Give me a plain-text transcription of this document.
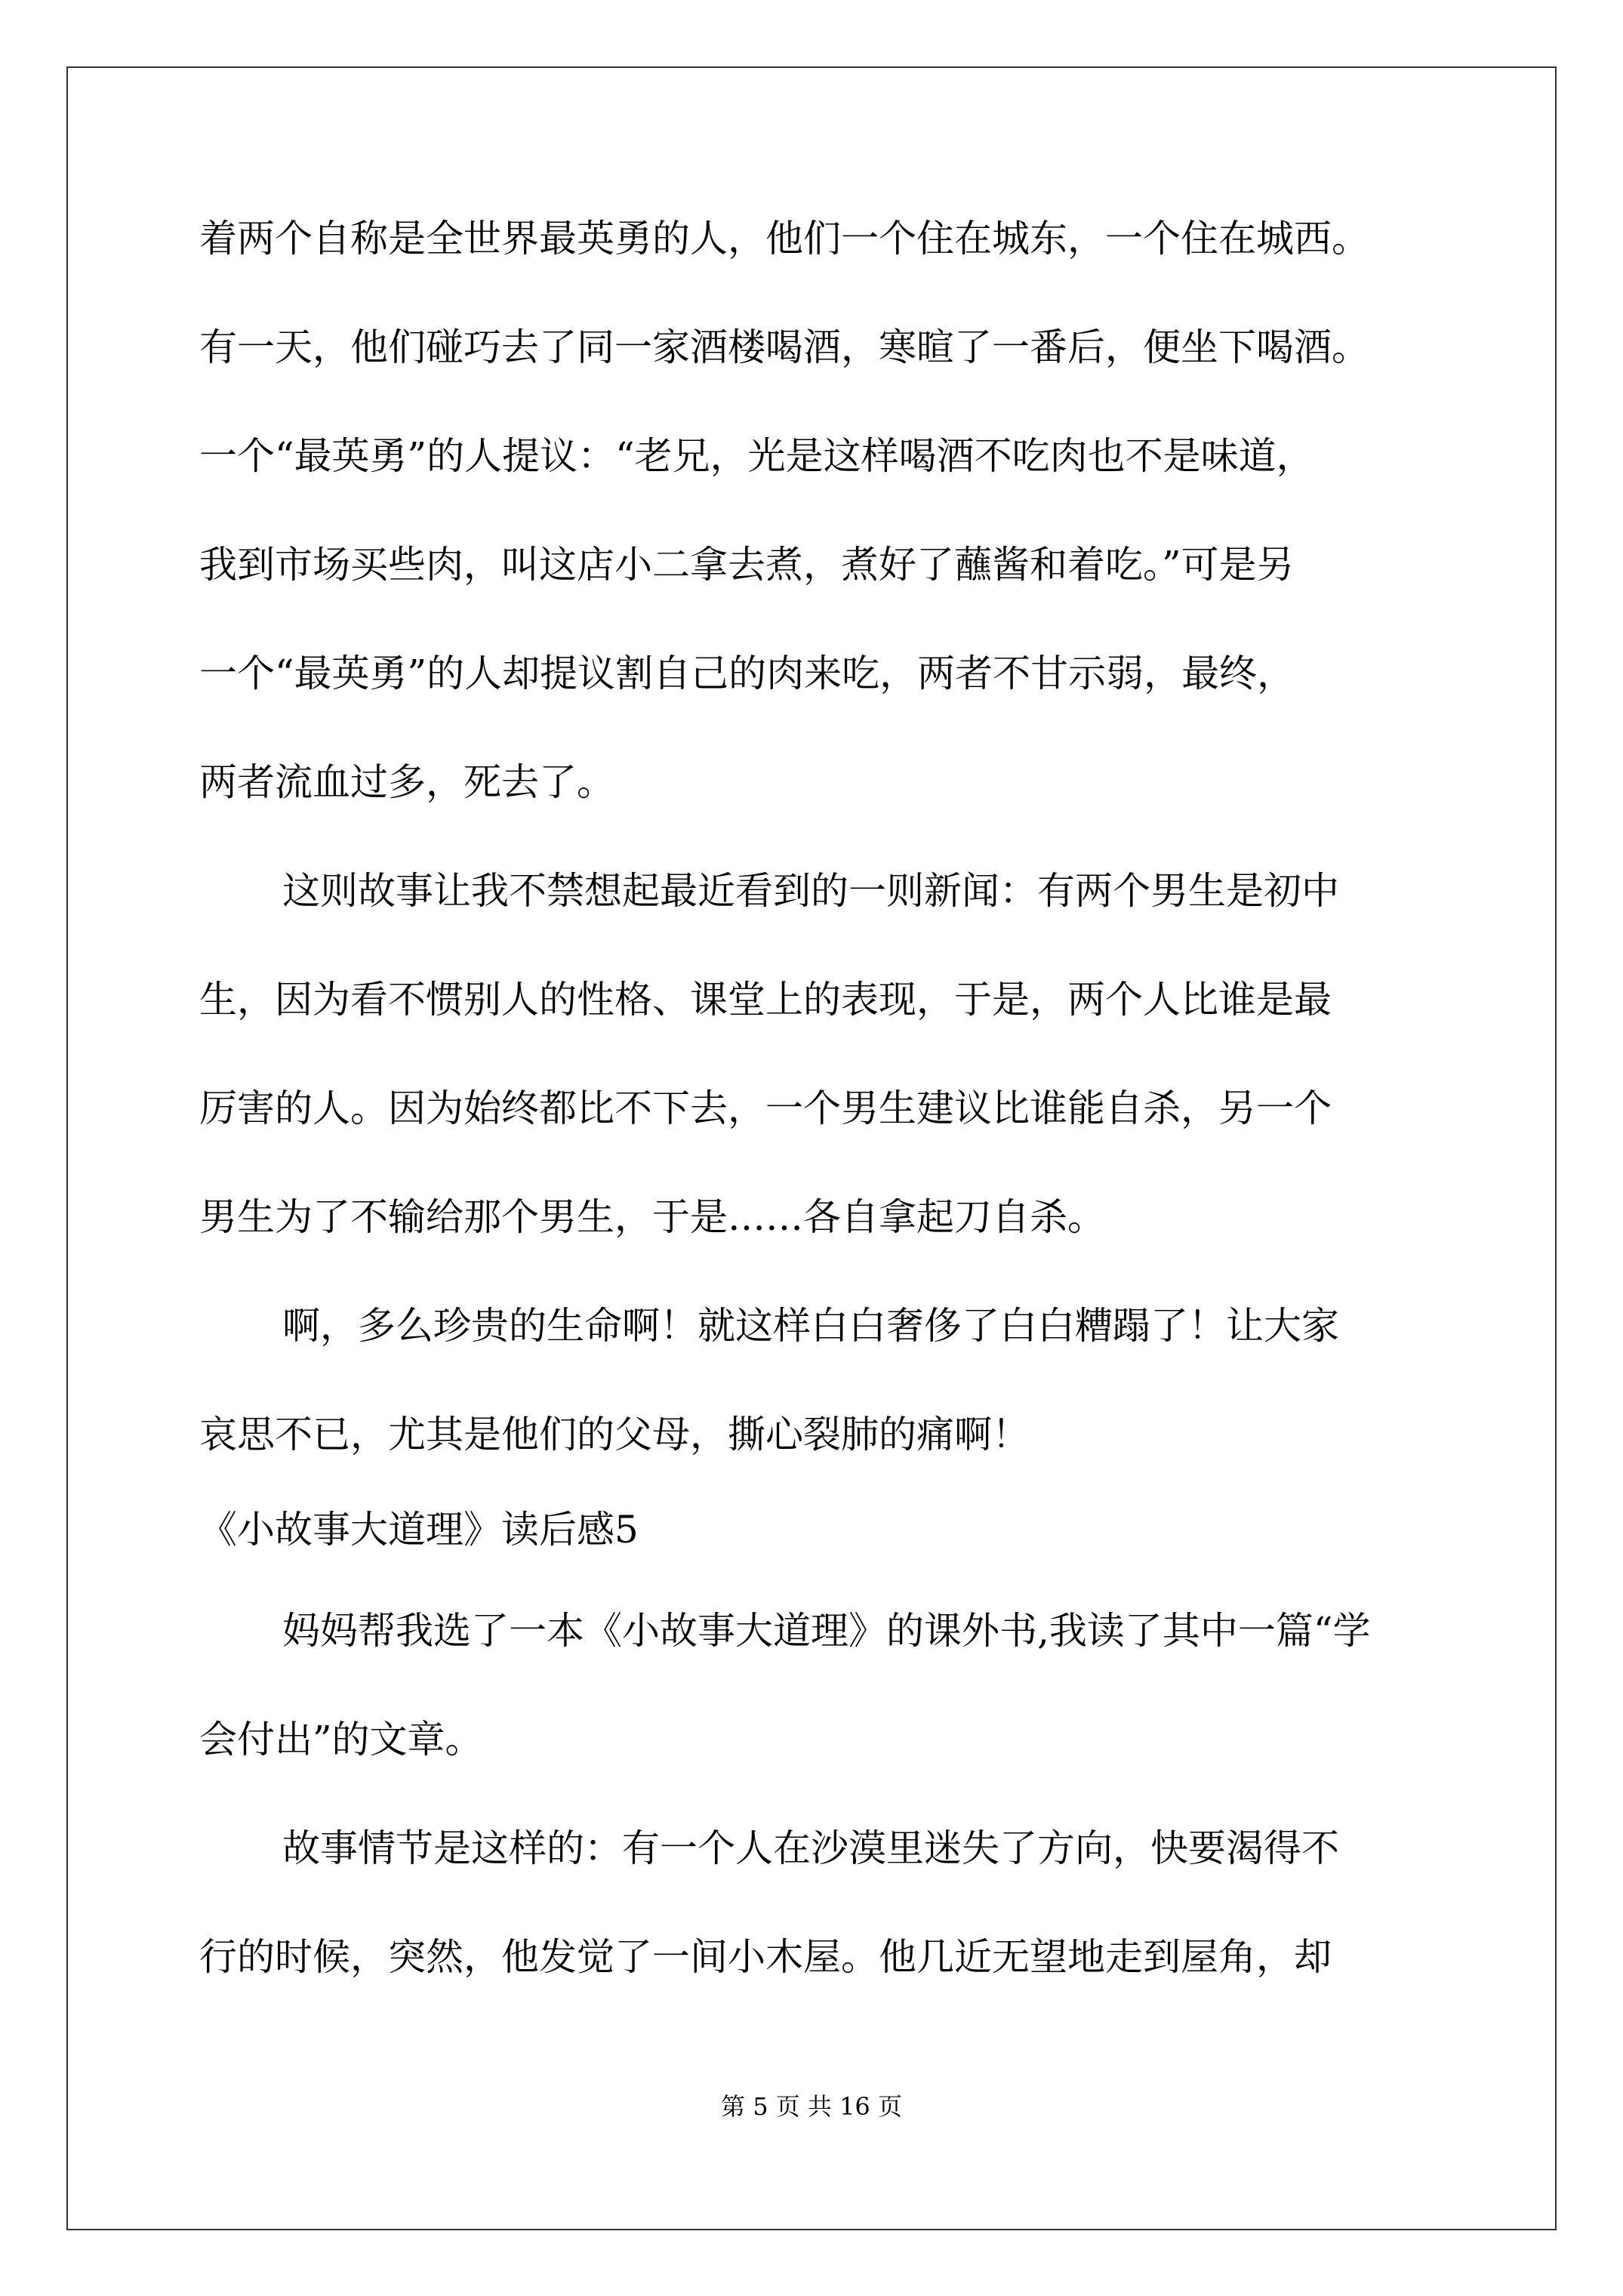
着两个自称是全世界最英勇的人，他们一个住在城东，一个住在城西。
有一天，他们碰巧去了同一家酒楼喝酒，寒暄了一番后，便坐下喝酒。
一个“最英勇”的人提议：“老兄，光是这样喝酒不吃肉也不是味道，
我到市场买些肉，叫这店小二拿去煮，煮好了蘸酱和着吃。”可是另
一个“最英勇”的人却提议割自己的肉来吃，两者不甘示弱，最终，
两者流血过多，死去了。
这则故事让我不禁想起最近看到的一则新闻：有两个男生是初中
生，因为看不惯别人的性格、课堂上的表现，于是，两个人比谁是最
厉害的人。因为始终都比不下去，一个男生建议比谁能自杀，另一个
男生为了不输给那个男生，于是……各自拿起刀自杀。
啊，多么珍贵的生命啊！就这样白白奢侈了白白糟蹋了！让大家
哀思不已，尤其是他们的父母，撕心裂肺的痛啊！
《小故事大道理》读后感5
妈妈帮我选了一本《小故事大道理》的课外书,我读了其中一篇“学
会付出”的文章。
故事情节是这样的：有一个人在沙漠里迷失了方向，快要渴得不
行的时候，突然，他发觉了一间小木屋。他几近无望地走到屋角，却
第 5 页 共 16 页
